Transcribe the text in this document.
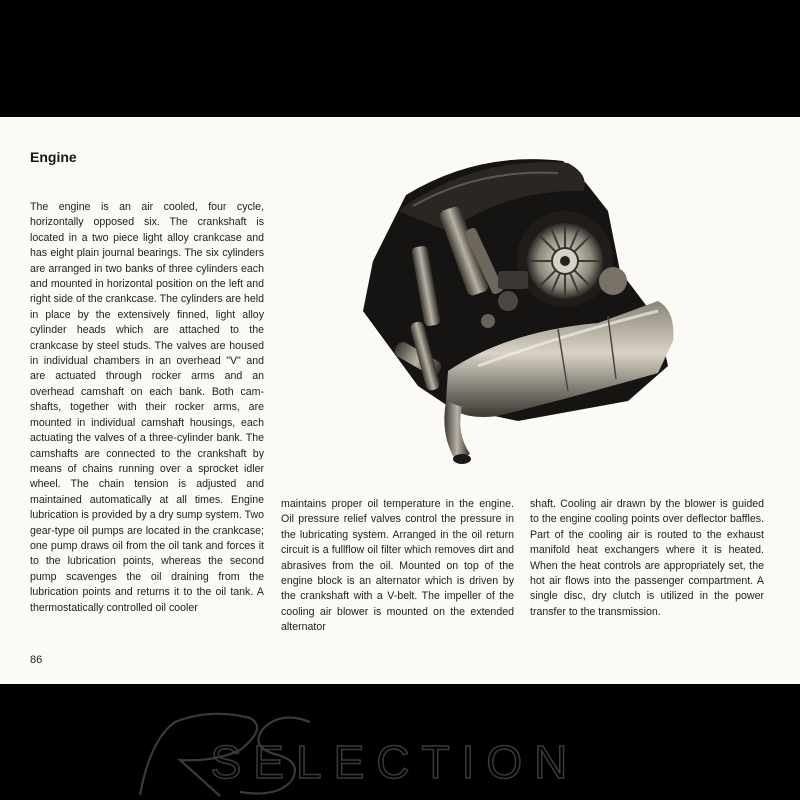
Engine

The engine is an air cooled, four cycle, horizontally opposed six. The crankshaft is located in a two piece light alloy crankcase and has eight plain journal bearings. The six cylinders are arranged in two banks of three cylinders each and mounted in horizontal position on the left and right side of the crankcase. The cylinders are held in place by the extensively finned, light alloy cylinder heads which are attached to the crankcase by steel studs. The valves are housed in individual chambers in an overhead "V" and are actuated through rocker arms and an overhead camshaft on each bank. Both camshafts, together with their rocker arms, are mounted in individual camshaft housings, each actuating the valves of a three-cylinder bank. The camshafts are connected to the crankshaft by means of chains running over a sprocket idler wheel. The chain tension is adjusted and maintained automatically at all times. Engine lubrication is provided by a dry sump system. Two gear-type oil pumps are located in the crankcase; one pump draws oil from the oil tank and forces it to the lubrication points, whereas the second pump scavenges the oil draining from the lubrication points and returns it to the oil tank. A thermostatically controlled oil cooler

maintains proper oil temperature in the engine. Oil pressure relief valves control the pressure in the lubricating system. Arranged in the oil return circuit is a fullflow oil filter which removes dirt and abrasives from the oil. Mounted on top of the engine block is an alternator which is driven by the crankshaft with a V-belt. The impeller of the cooling air blower is mounted on the extended alternator

shaft. Cooling air drawn by the blower is guided to the engine cooling points over deflector baffles. Part of the cooling air is routed to the exhaust manifold heat exchangers where it is heated. When the heat controls are appropriately set, the hot air flows into the passenger compartment. A single disc, dry clutch is utilized in the power transfer to the transmission.

86
SELECTION
